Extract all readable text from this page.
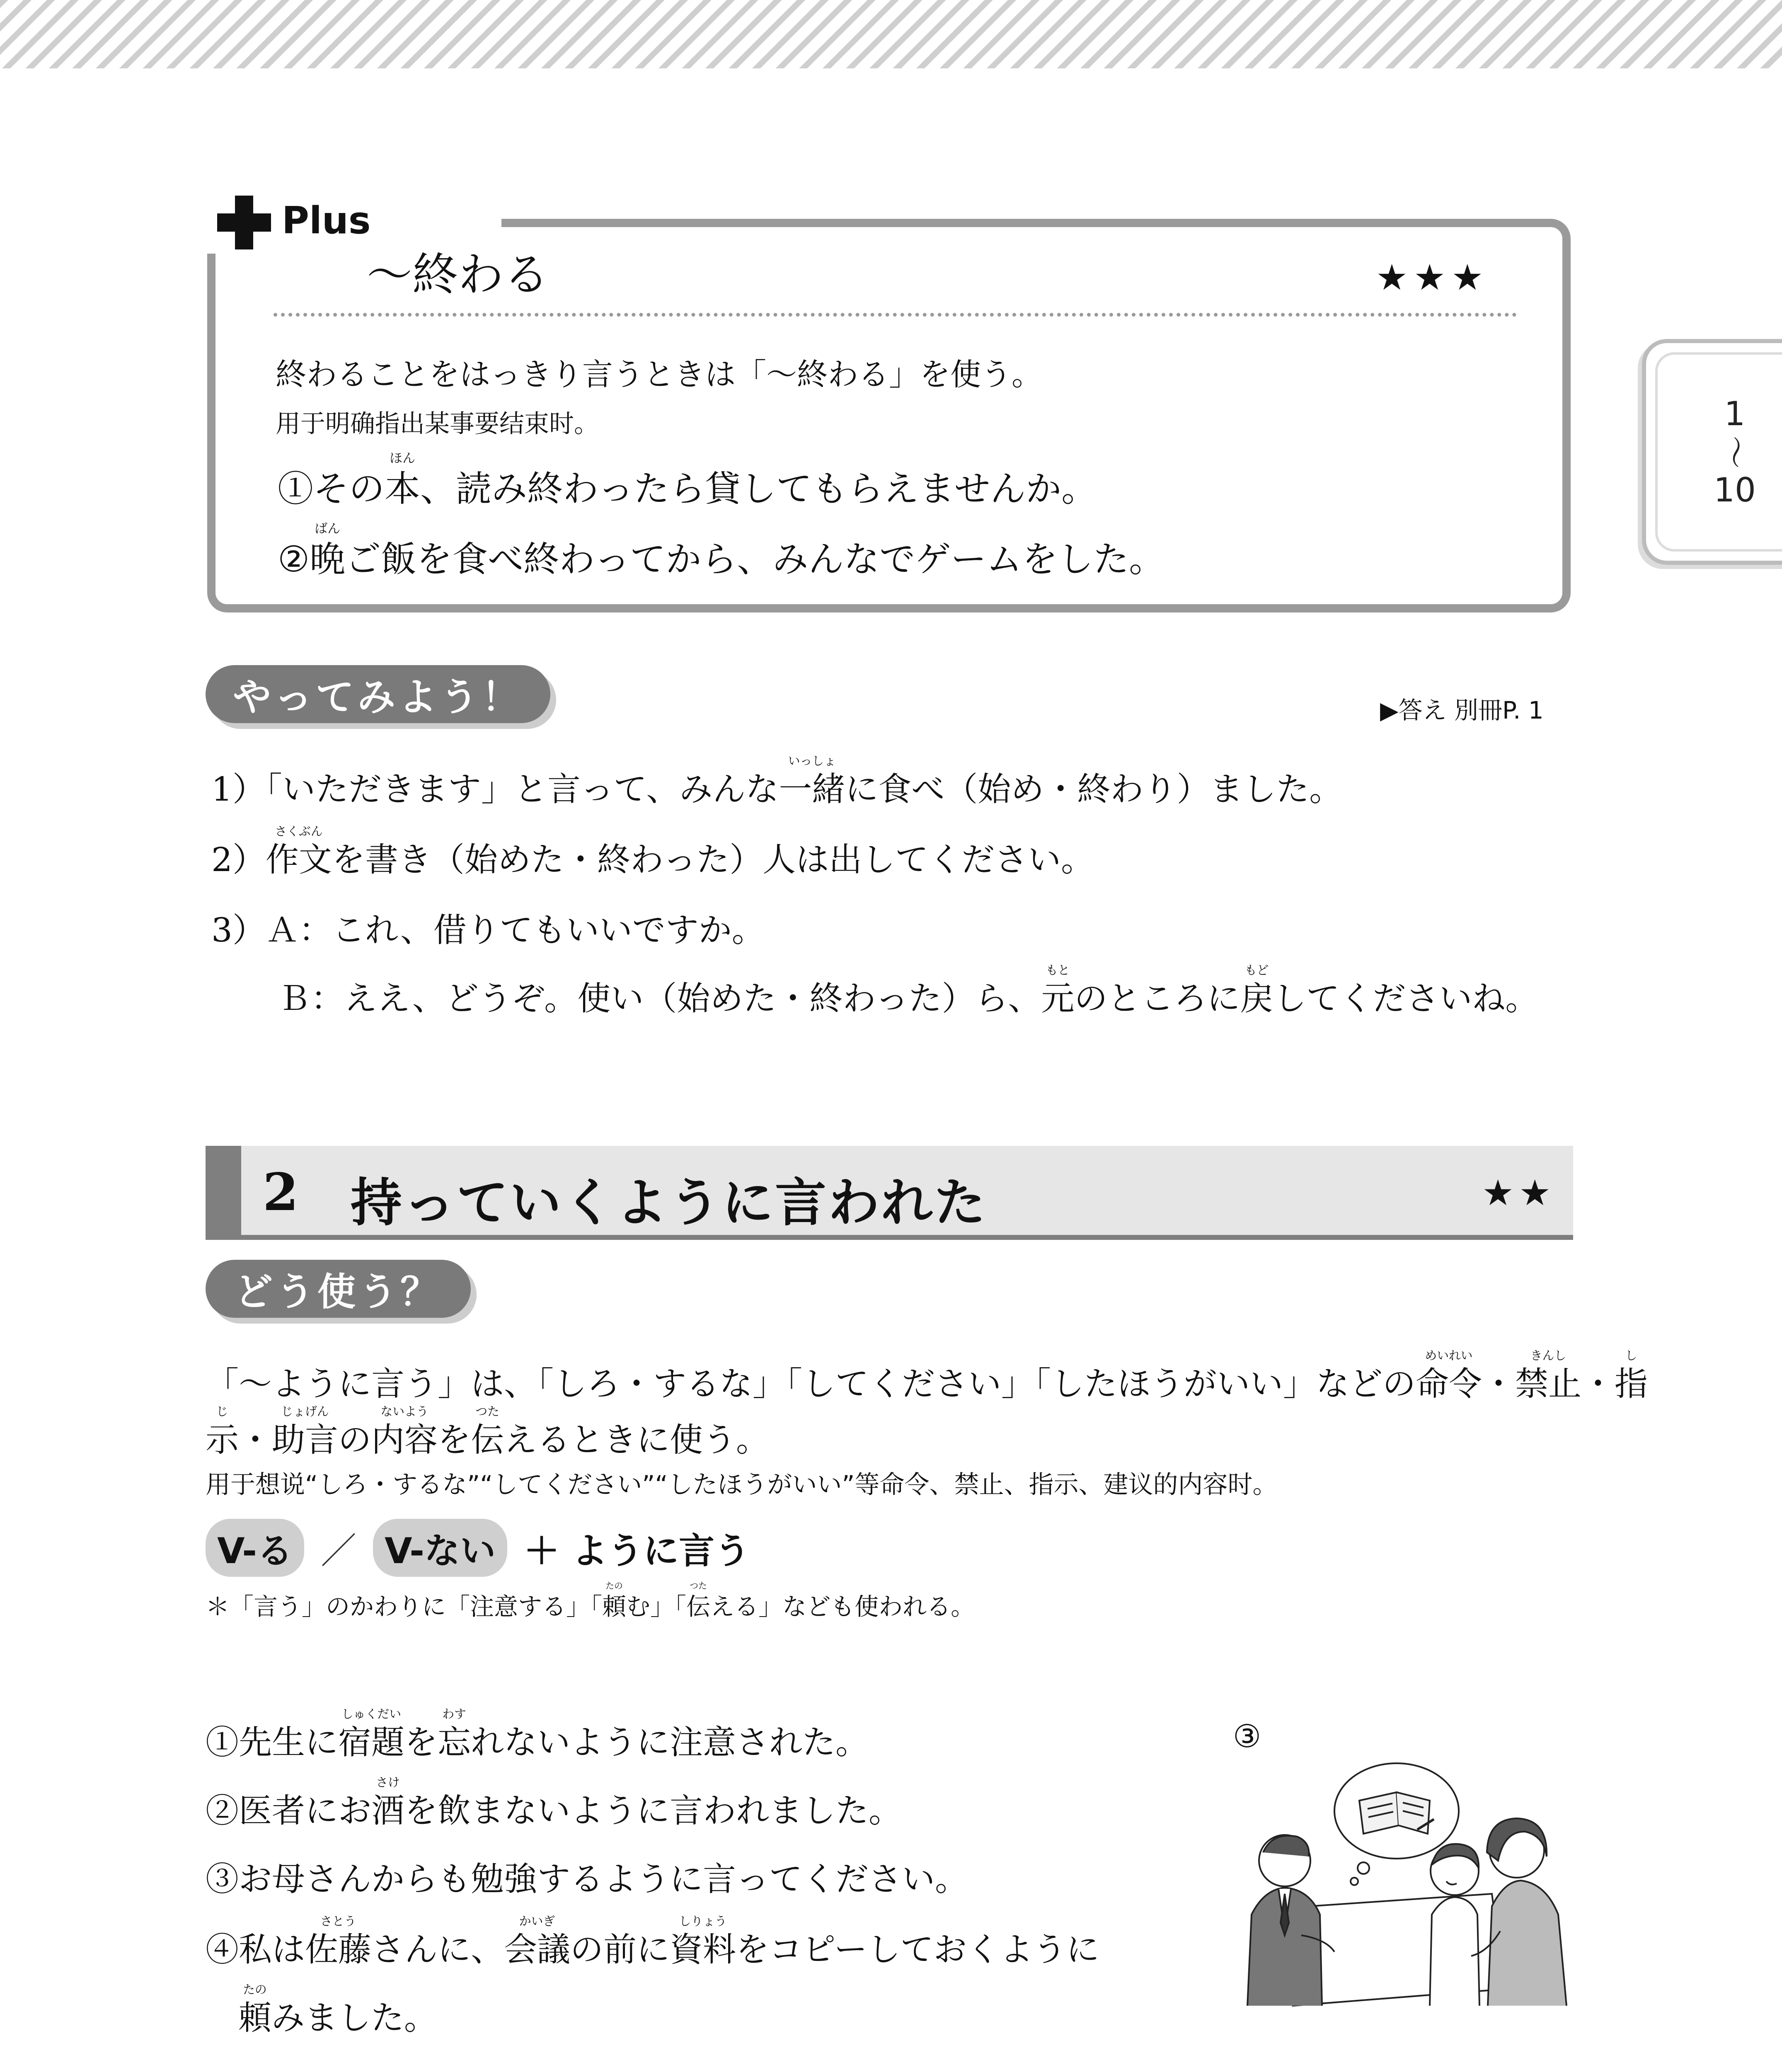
1
〜
10
Plus
〜終わる	★★★
終わることをはっきり言うときは「〜終わる」を使う。
用于明确指出某事要结束时。
①その本
ほん
、読み終わったら貸してもらえませんか。
②晩
ばん
ご飯を食べ終わってから、みんなでゲームをした。
やってみよう！	▶答え 別冊P. 1
1）「いただきます」と言って、みんな一緒
いっしょ
に食べ（始め・終わり）ました。
2）作文
さくぶん
を書き（始めた・終わった）人は出してください。
3）Ａ：これ、借りてもいいですか。
Ｂ：ええ、どうぞ。使い（始めた・終わった）ら、元
もと
のところに戻
もど
してくださいね。
2 持っていくように言われた	★★
どう使う？
「〜ように言う」は、「しろ・するな」「してください」「したほうがいい」などの命令
めいれい
・禁止
きんし
・指
し
示
じ
・助言
じょげん
の内容
ないよう
を伝
つた
えるときに使う。
用于想说“しろ・するな”“してください”“したほうがいい”等命令、禁止、指示、建议的内容时。
V-る ／ V-ない ＋ ように言う
＊「言う」のかわりに「注意する」「頼
たの
む」「伝
つた
える」なども使われる。
①先生に宿題
しゅくだい
を忘
わす
れないように注意された。
②医者にお酒
さけ
を飲まないように言われました。
③お母さんからも勉強するように言ってください。
④私は佐藤
さとう
さんに、会議
かいぎ
の前に資料
しりょう
をコピーしておくように
頼
たの
みました。
③
